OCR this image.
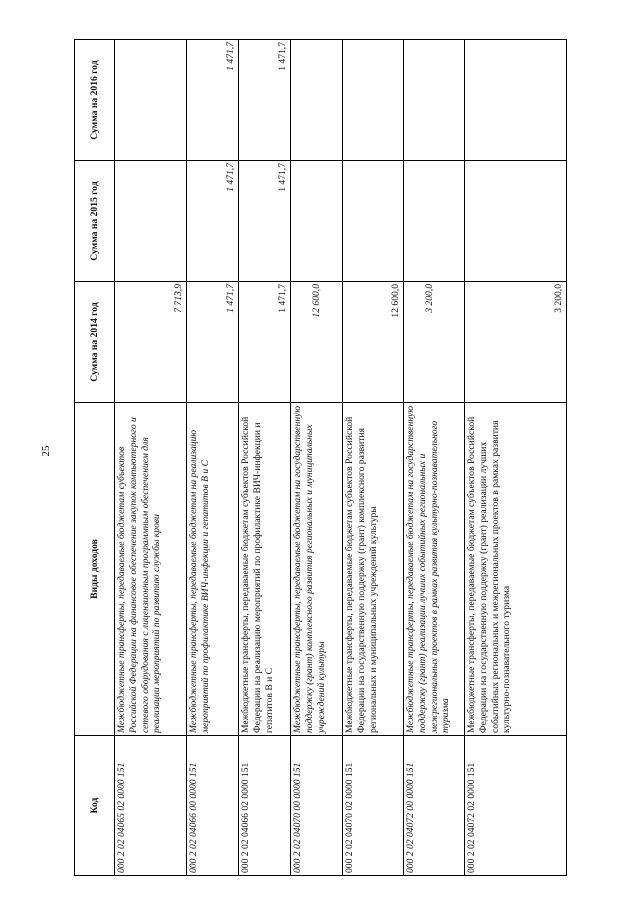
25
Код	Виды доходов	Сумма на 2014 год	Сумма на 2015 год	Сумма на 2016 год
000 2 02 04065 02 0000 151	Межбюджетные трансферты, передаваемые бюджетам субъектов Российской Федерации на финансовое обеспечение закупок компьютерного и сетевого оборудования с лицензионным программным обеспечением для реализации мероприятий по развитию службы крови	7 713,9		
000 2 02 04066 00 0000 151	Межбюджетные трансферты, передаваемые бюджетам на реализацию мероприятий по профилактике ВИЧ-инфекции и гепатитов В и С	1 471,7	1 471,7	1 471,7
000 2 02 04066 02 0000 151	Межбюджетные трансферты, передаваемые бюджетам субъектов Российской Федерации на реализацию мероприятий по профилактике ВИЧ-инфекции и гепатитов В и С	1 471,7	1 471,7	1 471,7
000 2 02 04070 00 0000 151	Межбюджетные трансферты, передаваемые бюджетам на государственную поддержку (грант) комплексного развития региональных и муниципальных учреждений культуры	12 600,0		
000 2 02 04070 02 0000 151	Межбюджетные трансферты, передаваемые бюджетам субъектов Российской Федерации на государственную поддержку (грант) комплексного развития региональных и муниципальных учреждений культуры	12 600,0		
000 2 02 04072 00 0000 151	Межбюджетные трансферты, передаваемые бюджетам на государственную поддержку (грант) реализации лучших событийных региональных и межрегиональных проектов в рамках развития культурно-познавательного туризма	3 200,0		
000 2 02 04072 02 0000 151	Межбюджетные трансферты, передаваемые бюджетам субъектов Российской Федерации на государственную поддержку (грант) реализации лучших событийных региональных и межрегиональных проектов в рамках развития культурно-познавательного туризма	3 200,0		
